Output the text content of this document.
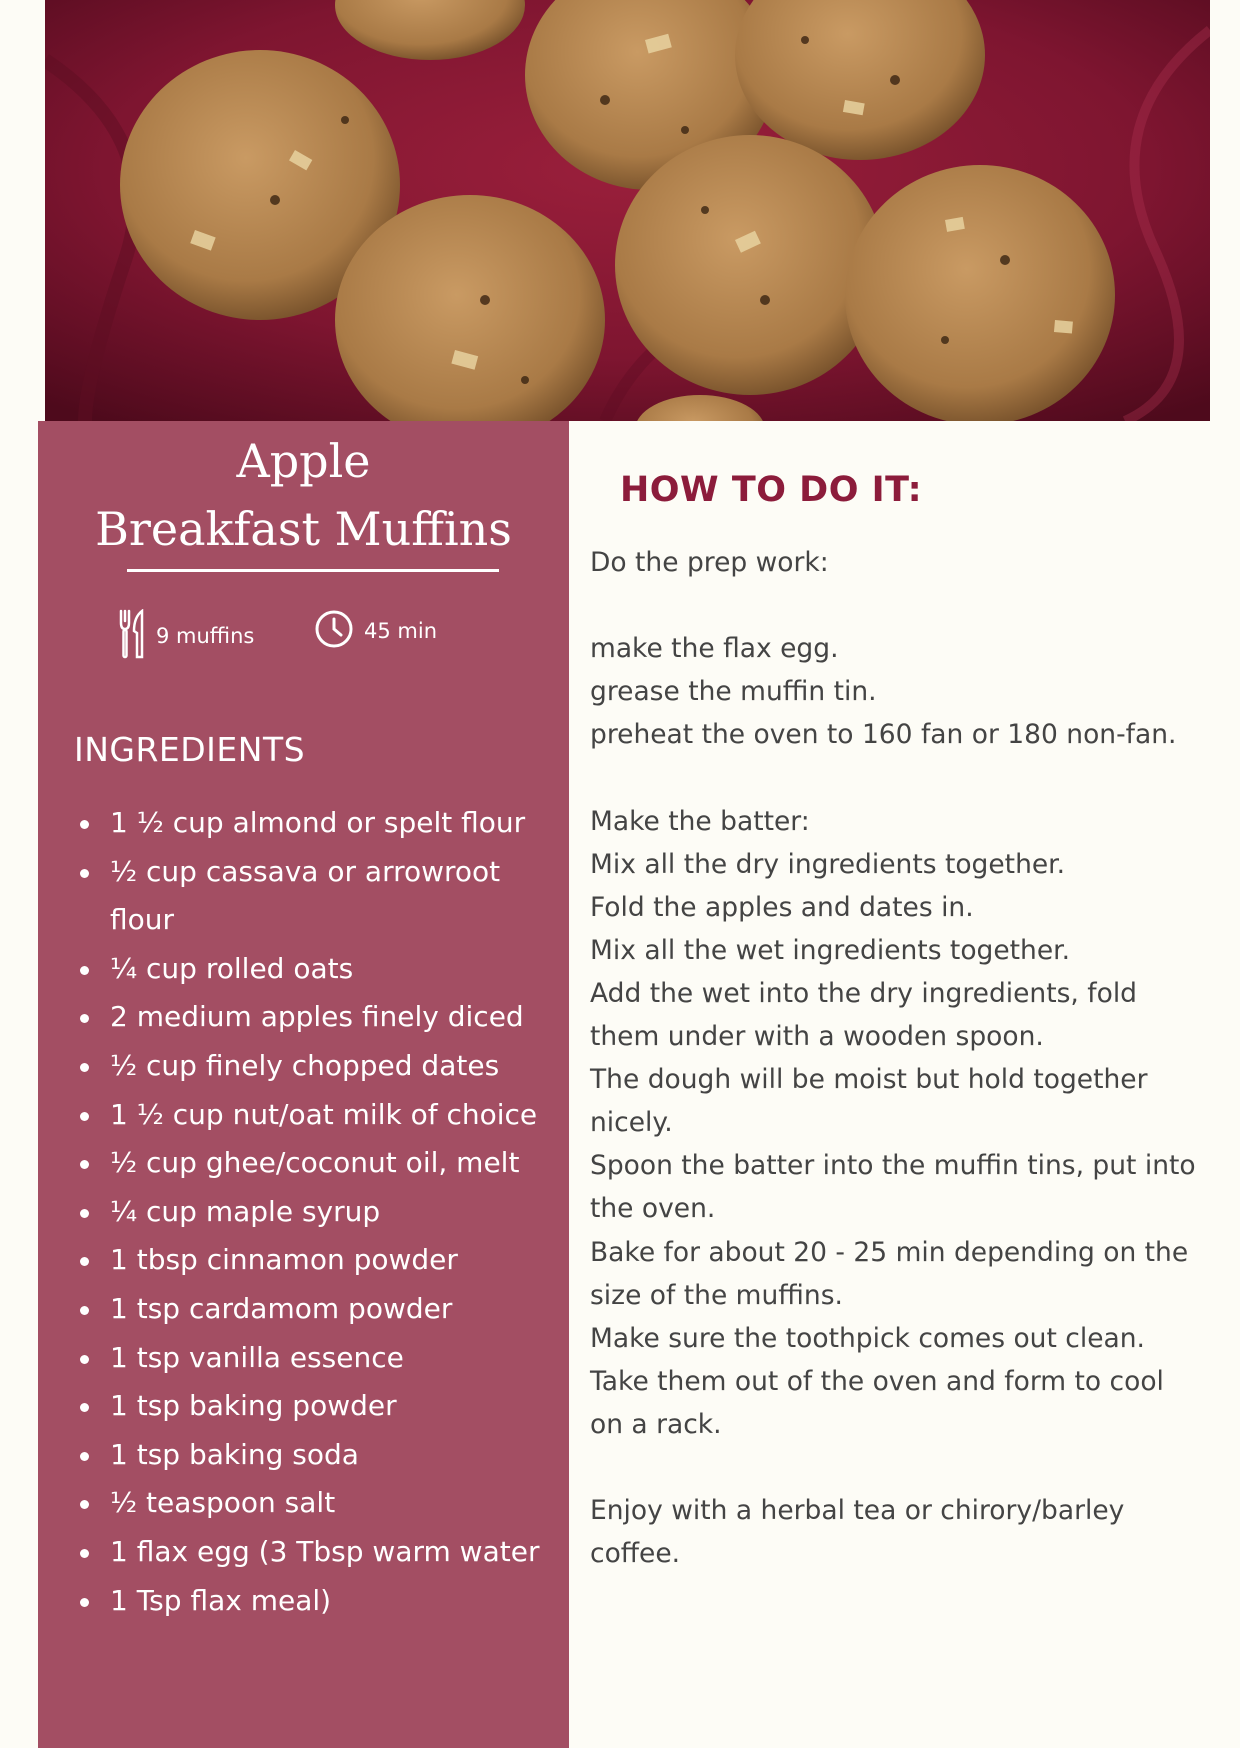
Apple
Breakfast Muffins
9 muffins	45 min
INGREDIENTS
1 ½ cup almond or spelt flour
½ cup cassava or arrowroot flour
¼ cup rolled oats
2 medium apples finely diced
½ cup finely chopped dates
1 ½ cup nut/oat milk of choice
½ cup ghee/coconut oil, melt
¼ cup maple syrup
1 tbsp cinnamon powder
1 tsp cardamom powder
1 tsp vanilla essence
1 tsp baking powder
1 tsp baking soda
½ teaspoon salt
1 flax egg (3 Tbsp warm water
1 Tsp flax meal)
HOW TO DO IT:
Do the prep work:
make the flax egg.
grease the muffin tin.
preheat the oven to 160 fan or 180 non-fan.
Make the batter:
Mix all the dry ingredients together.
Fold the apples and dates in.
Mix all the wet ingredients together.
Add the wet into the dry ingredients, fold
them under with a wooden spoon.
The dough will be moist but hold together
nicely.
Spoon the batter into the muffin tins, put into
the oven.
Bake for about 20 - 25 min depending on the
size of the muffins.
Make sure the toothpick comes out clean.
Take them out of the oven and form to cool
on a rack.
Enjoy with a herbal tea or chirory/barley
coffee.
